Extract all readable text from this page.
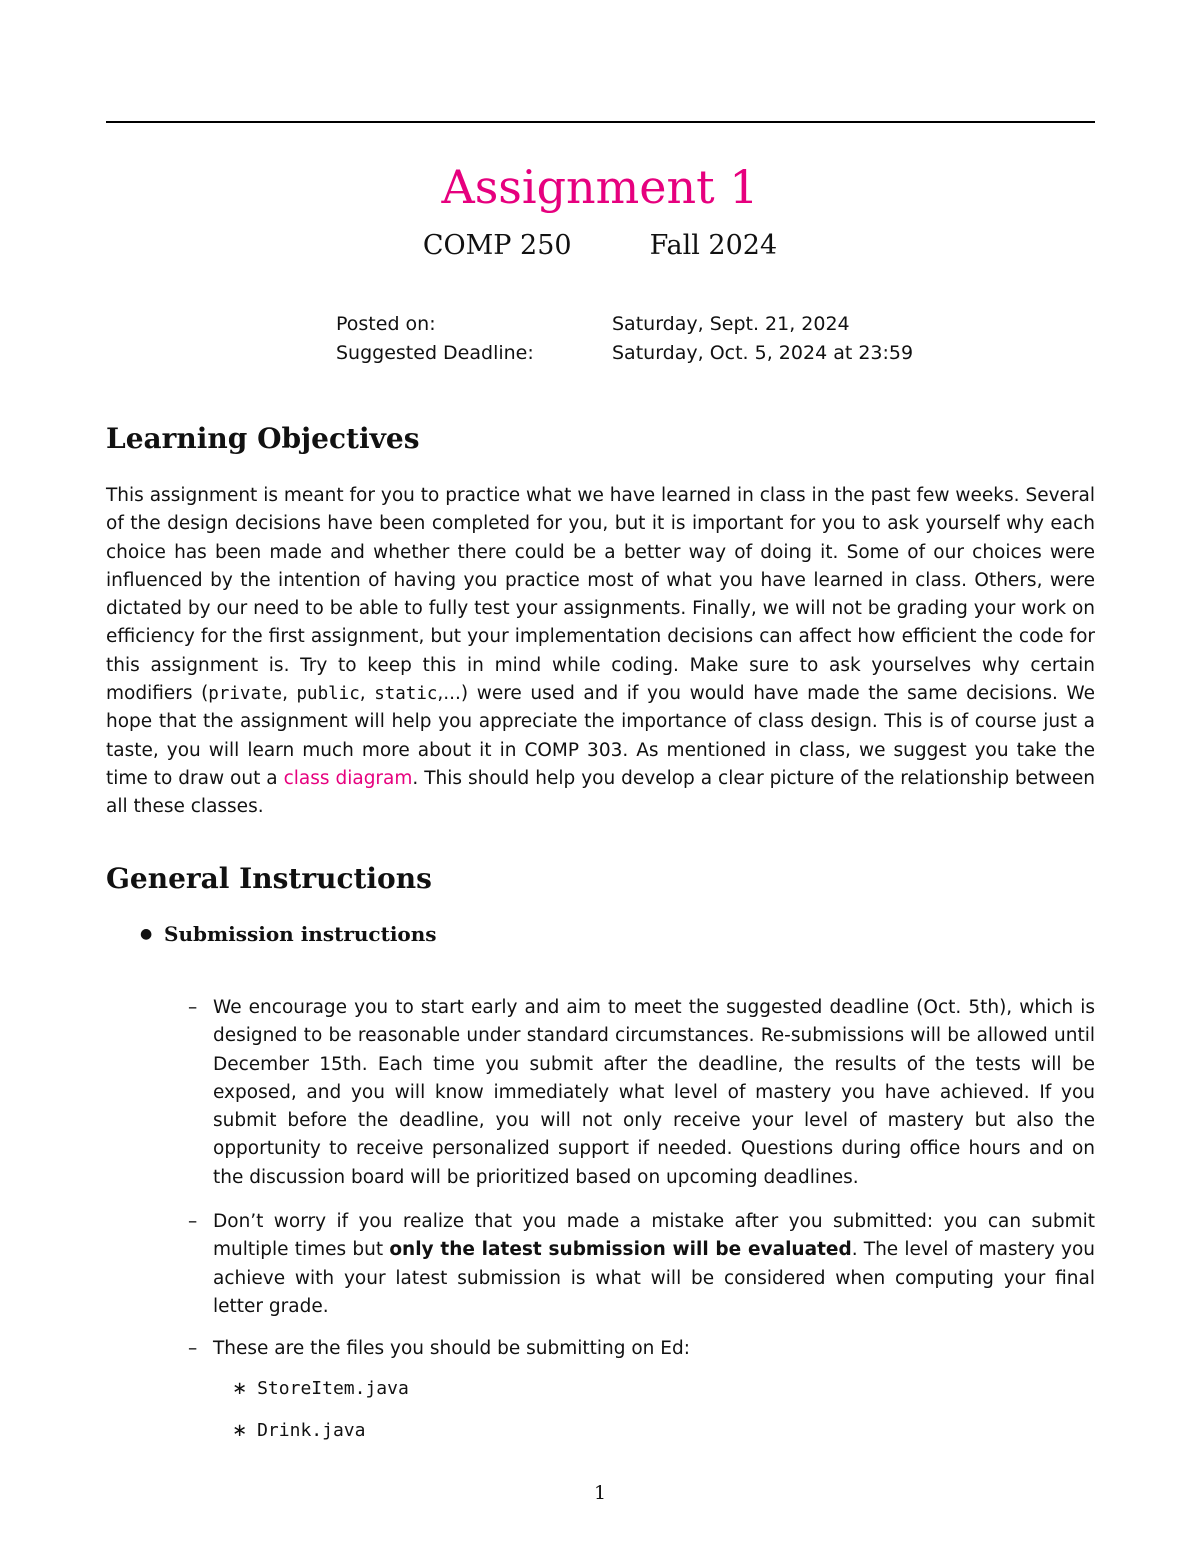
Assignment 1
COMP 250	Fall 2024
Posted on:	Saturday, Sept. 21, 2024
Suggested Deadline:	Saturday, Oct. 5, 2024 at 23:59
Learning Objectives
This assignment is meant for you to practice what we have learned in class in the past few weeks. Several of the design decisions have been completed for you, but it is important for you to ask yourself why each choice has been made and whether there could be a better way of doing it. Some of our choices were influenced by the intention of having you practice most of what you have learned in class. Others, were dictated by our need to be able to fully test your assignments. Finally, we will not be grading your work on efficiency for the first assignment, but your implementation decisions can affect how efficient the code for this assignment is. Try to keep this in mind while coding. Make sure to ask yourselves why certain modifiers (private, public, static,...) were used and if you would have made the same decisions. We hope that the assignment will help you appreciate the importance of class design. This is of course just a taste, you will learn much more about it in COMP 303. As mentioned in class, we suggest you take the time to draw out a class diagram. This should help you develop a clear picture of the relationship between all these classes.
General Instructions
● Submission instructions
– We encourage you to start early and aim to meet the suggested deadline (Oct. 5th), which is designed to be reasonable under standard circumstances. Re-submissions will be allowed until December 15th. Each time you submit after the deadline, the results of the tests will be exposed, and you will know immediately what level of mastery you have achieved. If you submit before the deadline, you will not only receive your level of mastery but also the opportunity to receive personalized support if needed. Questions during office hours and on the discussion board will be prioritized based on upcoming deadlines.
– Don’t worry if you realize that you made a mistake after you submitted: you can submit multiple times but only the latest submission will be evaluated. The level of mastery you achieve with your latest submission is what will be considered when computing your final letter grade.
– These are the files you should be submitting on Ed:
∗ StoreItem.java
∗ Drink.java
1
